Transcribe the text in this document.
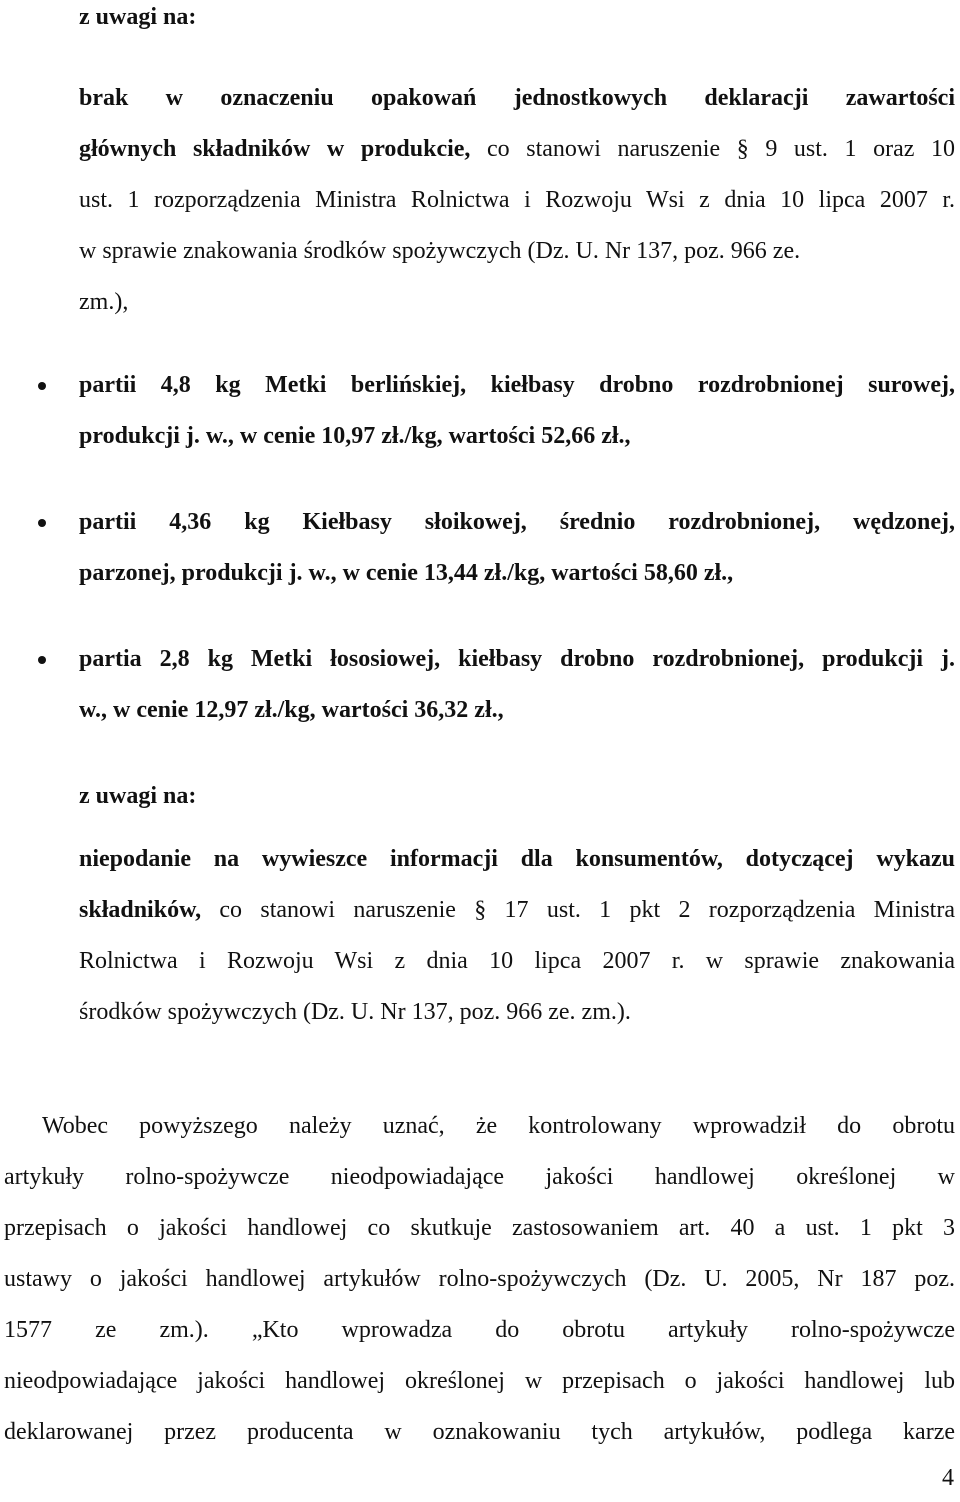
z uwagi na:
brak w oznaczeniu opakowań jednostkowych deklaracji zawartości
głównych składników w produkcie, co stanowi naruszenie § 9 ust. 1 oraz 10
ust. 1 rozporządzenia Ministra Rolnictwa i Rozwoju Wsi z dnia 10 lipca 2007 r.
w sprawie znakowania środków spożywczych (Dz. U. Nr 137, poz. 966 ze.
zm.),
partii 4,8 kg Metki berlińskiej, kiełbasy drobno rozdrobnionej surowej,
produkcji j. w., w cenie 10,97 zł./kg, wartości 52,66 zł.,
partii 4,36 kg Kiełbasy słoikowej, średnio rozdrobnionej, wędzonej,
parzonej, produkcji j. w., w cenie 13,44 zł./kg, wartości 58,60 zł.,
partia 2,8 kg Metki łososiowej, kiełbasy drobno rozdrobnionej, produkcji j.
w., w cenie 12,97 zł./kg, wartości 36,32 zł.,
z uwagi na:
niepodanie na wywieszce informacji dla konsumentów, dotyczącej wykazu
składników, co stanowi naruszenie § 17 ust. 1 pkt 2 rozporządzenia Ministra
Rolnictwa i Rozwoju Wsi z dnia 10 lipca 2007 r. w sprawie znakowania
środków spożywczych (Dz. U. Nr 137, poz. 966 ze. zm.).
Wobec powyższego należy uznać, że kontrolowany wprowadził do obrotu
artykuły rolno-spożywcze nieodpowiadające jakości handlowej określonej w
przepisach o jakości handlowej co skutkuje zastosowaniem art. 40 a ust. 1 pkt 3
ustawy o jakości handlowej artykułów rolno-spożywczych (Dz. U. 2005, Nr 187 poz.
1577 ze zm.). „Kto wprowadza do obrotu artykuły rolno-spożywcze
nieodpowiadające jakości handlowej określonej w przepisach o jakości handlowej lub
deklarowanej przez producenta w oznakowaniu tych artykułów, podlega karze
4
